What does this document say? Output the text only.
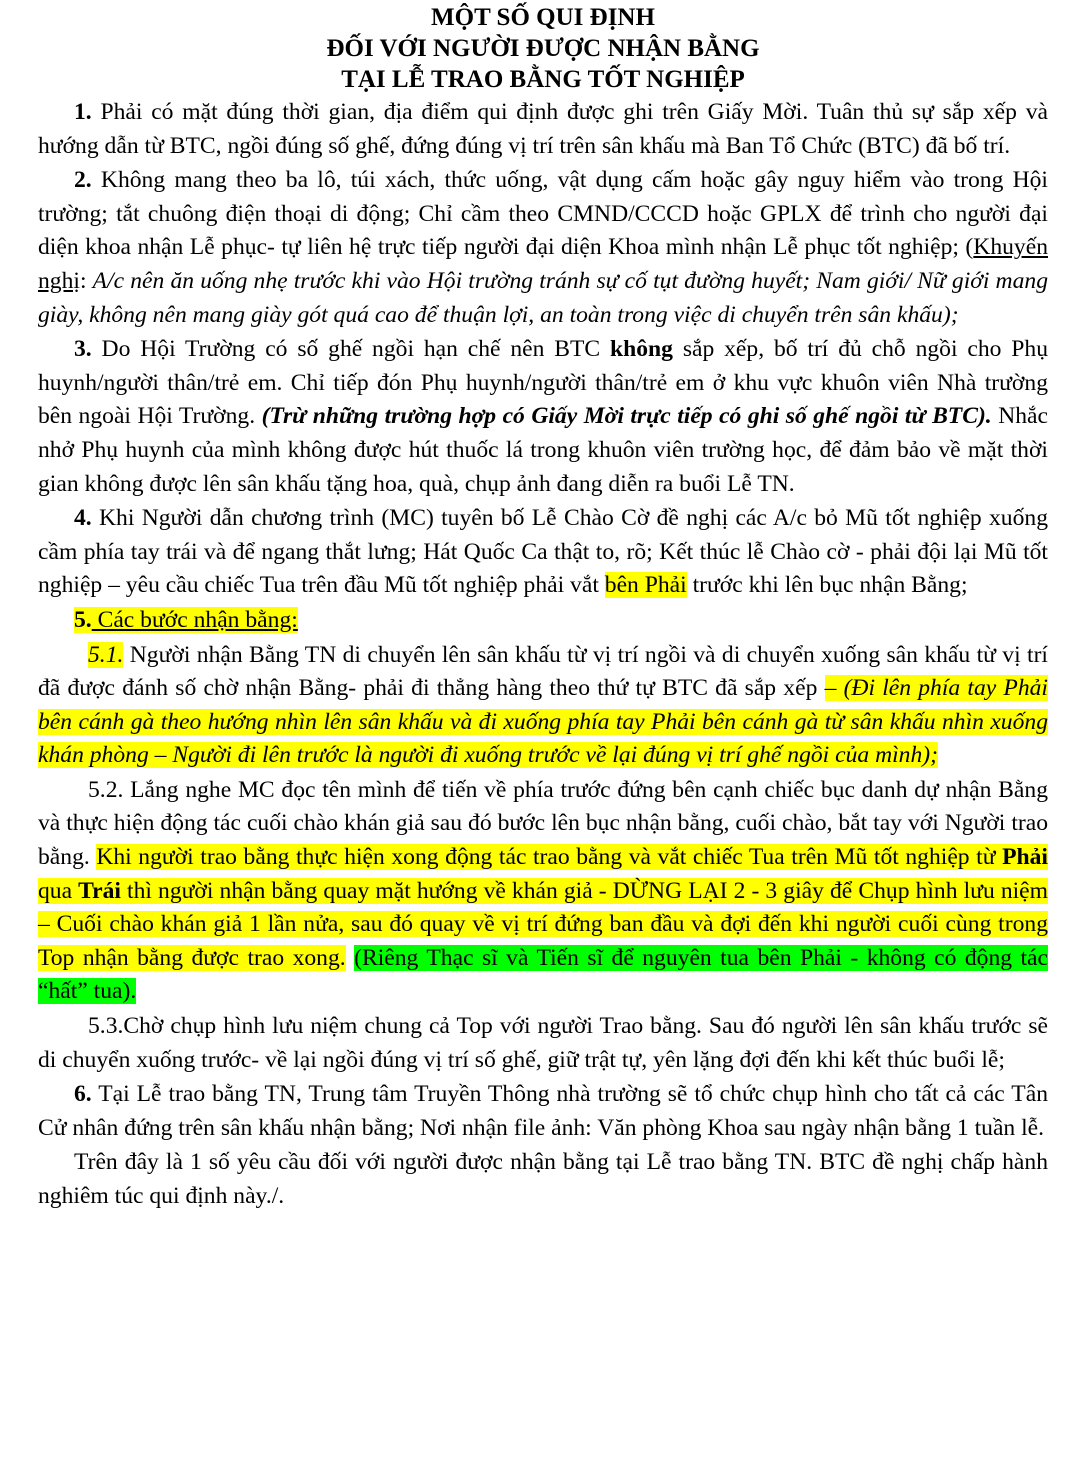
MỘT SỐ QUI ĐỊNH
ĐỐI VỚI NGƯỜI ĐƯỢC NHẬN BẰNG
TẠI LỄ TRAO BẰNG TỐT NGHIỆP

1. Phải có mặt đúng thời gian, địa điểm qui định được ghi trên Giấy Mời. Tuân thủ sự sắp xếp và hướng dẫn từ BTC, ngồi đúng số ghế, đứng đúng vị trí trên sân khấu mà Ban Tổ Chức (BTC) đã bố trí.

2. Không mang theo ba lô, túi xách, thức uống, vật dụng cấm hoặc gây nguy hiểm vào trong Hội trường; tắt chuông điện thoại di động; Chỉ cầm theo CMND/CCCD hoặc GPLX để trình cho người đại diện khoa nhận Lễ phục- tự liên hệ trực tiếp người đại diện Khoa mình nhận Lễ phục tốt nghiệp; (Khuyến nghị: A/c nên ăn uống nhẹ trước khi vào Hội trường tránh sự cố tụt đường huyết; Nam giới/ Nữ giới mang giày, không nên mang giày gót quá cao để thuận lợi, an toàn trong việc di chuyển trên sân khấu);

3. Do Hội Trường có số ghế ngồi hạn chế nên BTC không sắp xếp, bố trí đủ chỗ ngồi cho Phụ huynh/người thân/trẻ em. Chỉ tiếp đón Phụ huynh/người thân/trẻ em ở khu vực khuôn viên Nhà trường bên ngoài Hội Trường. (Trừ những trường hợp có Giấy Mời trực tiếp có ghi số ghế ngồi từ BTC). Nhắc nhở Phụ huynh của mình không được hút thuốc lá trong khuôn viên trường học, để đảm bảo về mặt thời gian không được lên sân khấu tặng hoa, quà, chụp ảnh đang diễn ra buổi Lễ TN.

4. Khi Người dẫn chương trình (MC) tuyên bố Lễ Chào Cờ đề nghị các A/c bỏ Mũ tốt nghiệp xuống cầm phía tay trái và để ngang thắt lưng; Hát Quốc Ca thật to, rõ; Kết thúc lễ Chào cờ - phải đội lại Mũ tốt nghiệp – yêu cầu chiếc Tua trên đầu Mũ tốt nghiệp phải vắt bên Phải trước khi lên bục nhận Bằng;

5. Các bước nhận bằng:

5.1. Người nhận Bằng TN di chuyển lên sân khấu từ vị trí ngồi và di chuyển xuống sân khấu từ vị trí đã được đánh số chờ nhận Bằng- phải đi thẳng hàng theo thứ tự BTC đã sắp xếp – (Đi lên phía tay Phải bên cánh gà theo hướng nhìn lên sân khấu và đi xuống phía tay Phải bên cánh gà từ sân khấu nhìn xuống khán phòng – Người đi lên trước là người đi xuống trước về lại đúng vị trí ghế ngồi của mình);

5.2. Lắng nghe MC đọc tên mình để tiến về phía trước đứng bên cạnh chiếc bục danh dự nhận Bằng và thực hiện động tác cuối chào khán giả sau đó bước lên bục nhận bằng, cuối chào, bắt tay với Người trao bằng. Khi người trao bằng thực hiện xong động tác trao bằng và vắt chiếc Tua trên Mũ tốt nghiệp từ Phải qua Trái thì người nhận bằng quay mặt hướng về khán giả - DỪNG LẠI 2 - 3 giây để Chụp hình lưu niệm – Cuối chào khán giả 1 lần nửa, sau đó quay về vị trí đứng ban đầu và đợi đến khi người cuối cùng trong Top nhận bằng được trao xong. (Riêng Thạc sĩ và Tiến sĩ để nguyên tua bên Phải - không có động tác “hất” tua).

5.3.Chờ chụp hình lưu niệm chung cả Top với người Trao bằng. Sau đó người lên sân khấu trước sẽ di chuyển xuống trước- về lại ngồi đúng vị trí số ghế, giữ trật tự, yên lặng đợi đến khi kết thúc buổi lễ;

6. Tại Lễ trao bằng TN, Trung tâm Truyền Thông nhà trường sẽ tổ chức chụp hình cho tất cả các Tân Cử nhân đứng trên sân khấu nhận bằng; Nơi nhận file ảnh: Văn phòng Khoa sau ngày nhận bằng 1 tuần lễ.

Trên đây là 1 số yêu cầu đối với người được nhận bằng tại Lễ trao bằng TN. BTC đề nghị chấp hành nghiêm túc qui định này./.
